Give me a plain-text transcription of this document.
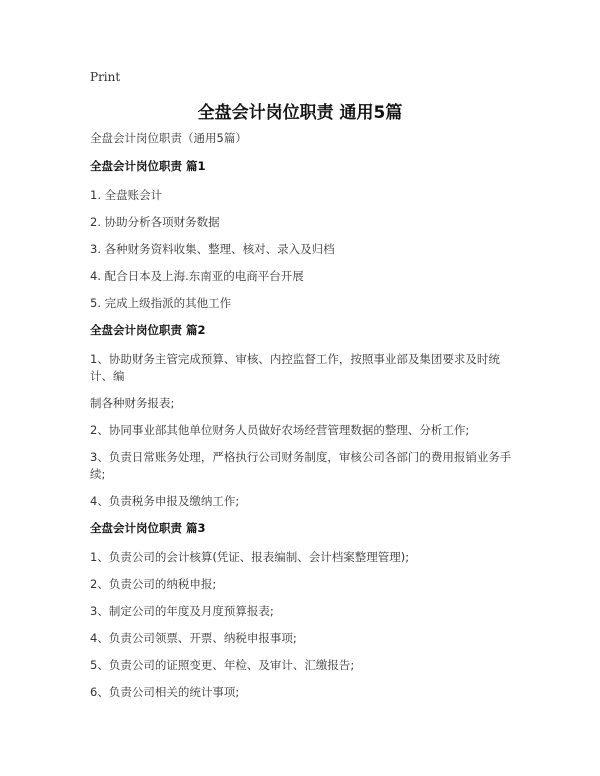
Print
全盘会计岗位职责 通用5篇
全盘会计岗位职责（通用5篇）
全盘会计岗位职责 篇1
1. 全盘账会计
2. 协助分析各项财务数据
3. 各种财务资料收集、整理、核对、录入及归档
4. 配合日本及上海.东南亚的电商平台开展
5. 完成上级指派的其他工作
全盘会计岗位职责 篇2
1、协助财务主管完成预算、审核、内控监督工作，按照事业部及集团要求及时统计、编
制各种财务报表;
2、协同事业部其他单位财务人员做好农场经营管理数据的整理、分析工作;
3、负责日常账务处理，严格执行公司财务制度，审核公司各部门的费用报销业务手续;
4、负责税务申报及缴纳工作;
全盘会计岗位职责 篇3
1、负责公司的会计核算(凭证、报表编制、会计档案整理管理);
2、负责公司的纳税申报;
3、制定公司的年度及月度预算报表;
4、负责公司领票、开票、纳税申报事项;
5、负责公司的证照变更、年检、及审计、汇缴报告;
6、负责公司相关的统计事项;
